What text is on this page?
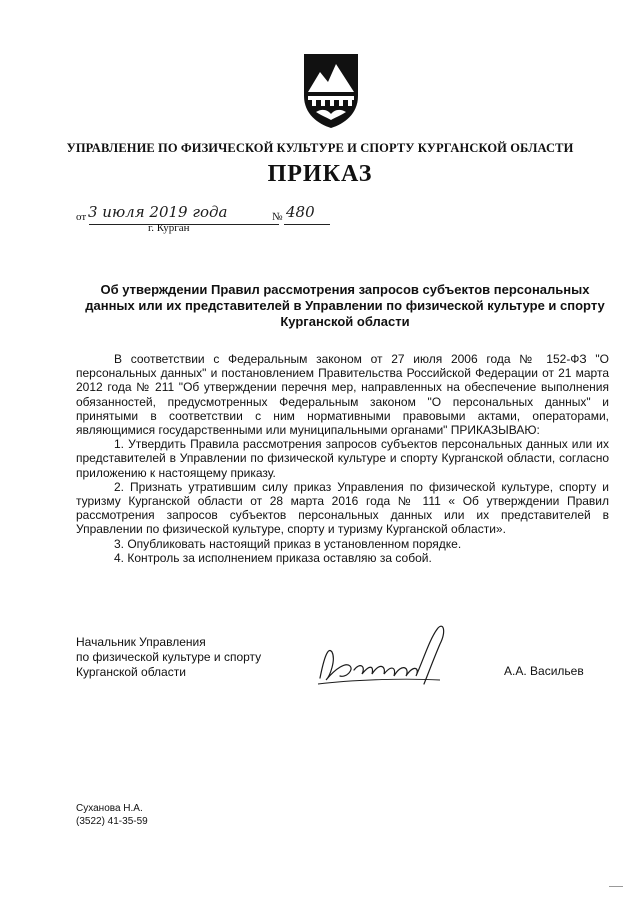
УПРАВЛЕНИЕ ПО ФИЗИЧЕСКОЙ КУЛЬТУРЕ И СПОРТУ КУРГАНСКОЙ ОБЛАСТИ
ПРИКАЗ
от 3 июля 2019 года	№ 480
г. Курган
Об утверждении Правил рассмотрения запросов субъектов персональных
данных или их представителей в Управлении по физической культуре и спорту
Курганской области

В соответствии с Федеральным законом от 27 июля 2006 года № 152-ФЗ "О персональных данных" и постановлением Правительства Российской Федерации от 21 марта 2012 года № 211 "Об утверждении перечня мер, направленных на обеспечение выполнения обязанностей, предусмотренных Федеральным законом "О персональных данных" и принятыми в соответствии с ним нормативными правовыми актами, операторами, являющимися государственными или муниципальными органами" ПРИКАЗЫВАЮ:

1. Утвердить Правила рассмотрения запросов субъектов персональных данных или их представителей в Управлении по физической культуре и спорту Курганской области, согласно приложению к настоящему приказу.

2. Признать утратившим силу приказ Управления по физической культуре, спорту и туризму Курганской области от 28 марта 2016 года № 111 « Об утверждении Правил рассмотрения запросов субъектов персональных данных или их представителей в Управлении по физической культуре, спорту и туризму Курганской области».

3. Опубликовать настоящий приказ в установленном порядке.

4. Контроль за исполнением приказа оставляю за собой.

Начальник Управления
по физической культуре и спорту
Курганской области	А.А. Васильев
Суханова Н.А.
(3522) 41-35-59
